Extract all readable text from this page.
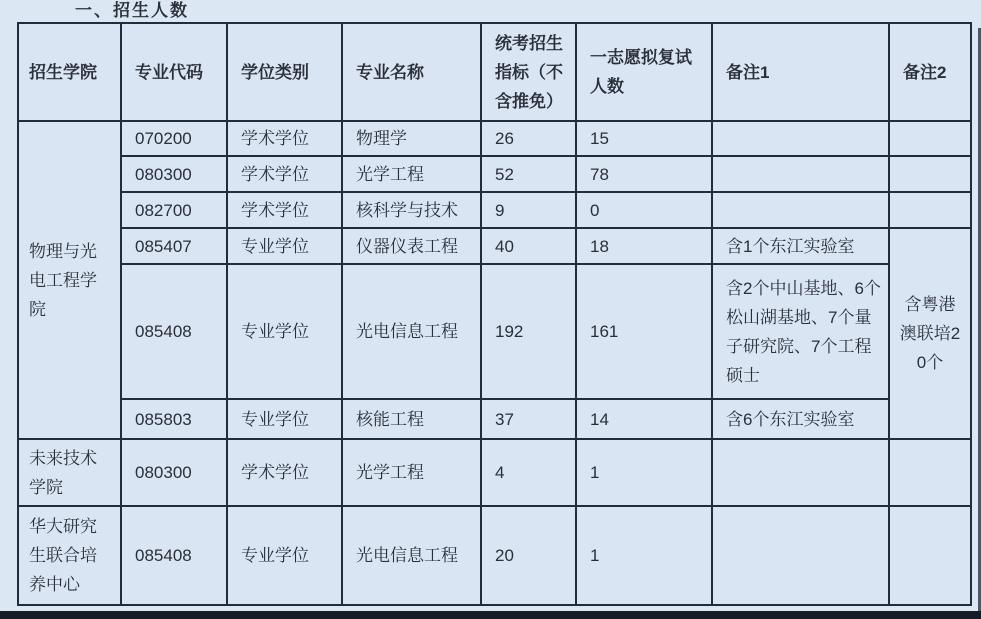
一、招生人数
招生学院	专业代码	学位类别	专业名称	统考招生指标（不含推免）	一志愿拟复试人数	备注1	备注2
物理与光电工程学院	070200	学术学位	物理学	26	15		
	080300	学术学位	光学工程	52	78		
	082700	学术学位	核科学与技术	9	0		
	085407	专业学位	仪器仪表工程	40	18	含1个东江实验室	含粤港澳联培20个
	085408	专业学位	光电信息工程	192	161	含2个中山基地、6个松山湖基地、7个量子研究院、7个工程硕士	
	085803	专业学位	核能工程	37	14	含6个东江实验室	
未来技术学院	080300	学术学位	光学工程	4	1		
华大研究生联合培养中心	085408	专业学位	光电信息工程	20	1		
